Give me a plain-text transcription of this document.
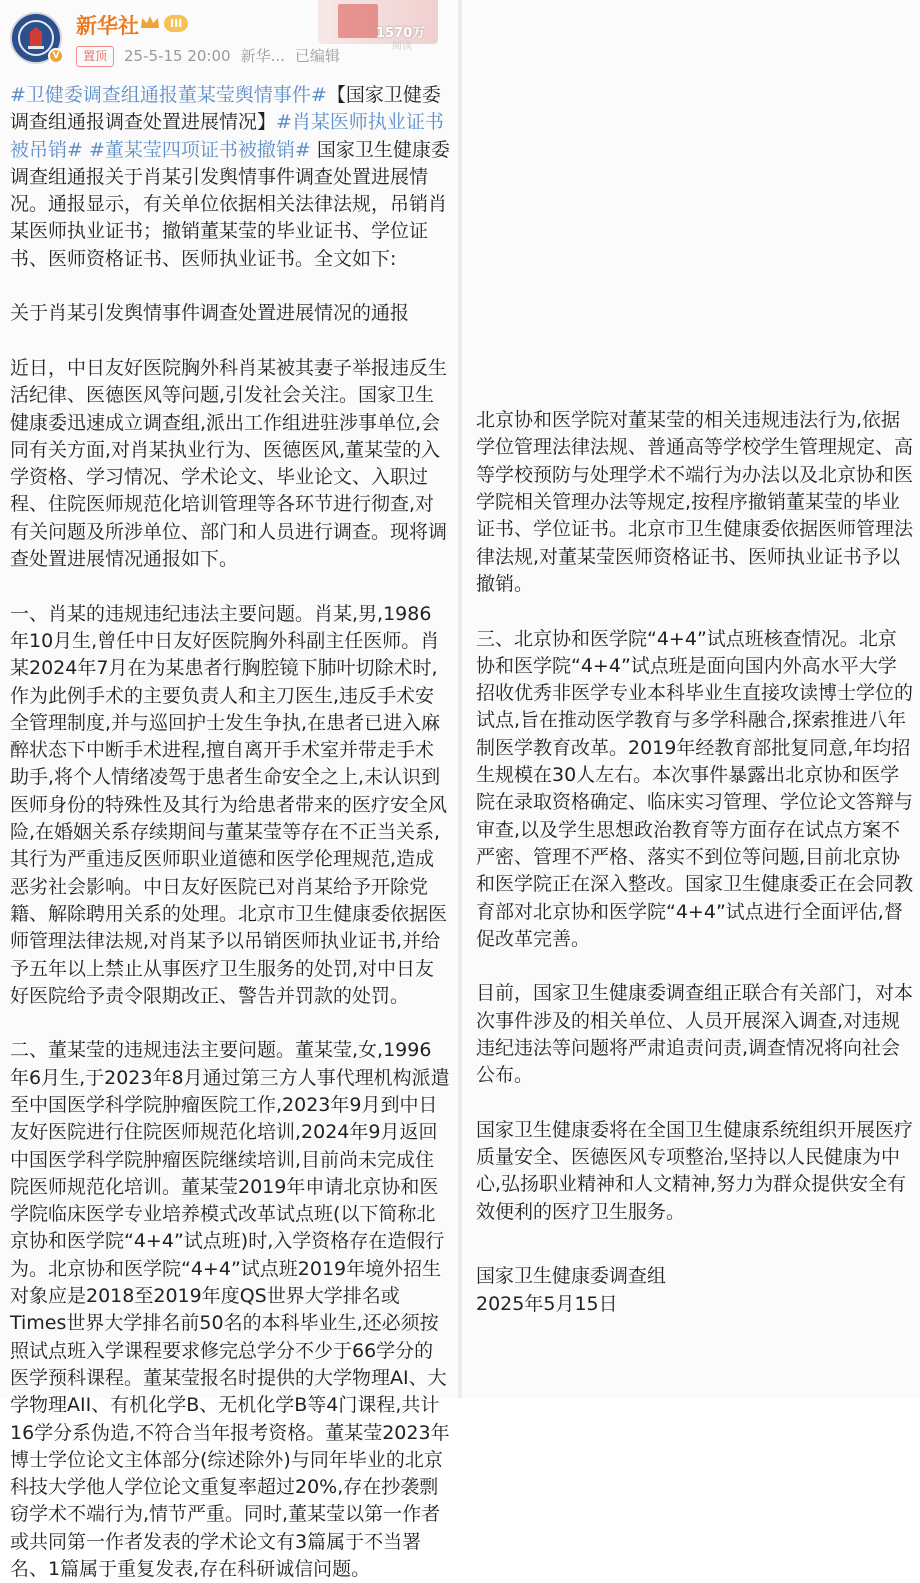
V
新华社	III
置顶 25-5-15 20:00 新华... 已编辑
1570万
阅读
#卫健委调查组通报董某莹舆情事件#【国家卫健委调查组通报调查处置进展情况】#肖某医师执业证书被吊销# #董某莹四项证书被撤销# 国家卫生健康委调查组通报关于肖某引发舆情事件调查处置进展情况。通报显示，有关单位依据相关法律法规，吊销肖某医师执业证书；撤销董某莹的毕业证书、学位证书、医师资格证书、医师执业证书。全文如下:
关于肖某引发舆情事件调查处置进展情况的通报
近日，中日友好医院胸外科肖某被其妻子举报违反生活纪律、医德医风等问题,引发社会关注。国家卫生健康委迅速成立调查组,派出工作组进驻涉事单位,会同有关方面,对肖某执业行为、医德医风,董某莹的入学资格、学习情况、学术论文、毕业论文、入职过程、住院医师规范化培训管理等各环节进行彻查,对有关问题及所涉单位、部门和人员进行调查。现将调查处置进展情况通报如下。
一、肖某的违规违纪违法主要问题。肖某,男,1986年10月生,曾任中日友好医院胸外科副主任医师。肖某2024年7月在为某患者行胸腔镜下肺叶切除术时,作为此例手术的主要负责人和主刀医生,违反手术安全管理制度,并与巡回护士发生争执,在患者已进入麻醉状态下中断手术进程,擅自离开手术室并带走手术助手,将个人情绪凌驾于患者生命安全之上,未认识到医师身份的特殊性及其行为给患者带来的医疗安全风险,在婚姻关系存续期间与董某莹等存在不正当关系,其行为严重违反医师职业道德和医学伦理规范,造成恶劣社会影响。中日友好医院已对肖某给予开除党籍、解除聘用关系的处理。北京市卫生健康委依据医师管理法律法规,对肖某予以吊销医师执业证书,并给予五年以上禁止从事医疗卫生服务的处罚,对中日友好医院给予责令限期改正、警告并罚款的处罚。
二、董某莹的违规违法主要问题。董某莹,女,1996年6月生,于2023年8月通过第三方人事代理机构派遣至中国医学科学院肿瘤医院工作,2023年9月到中日友好医院进行住院医师规范化培训,2024年9月返回中国医学科学院肿瘤医院继续培训,目前尚未完成住院医师规范化培训。董某莹2019年申请北京协和医学院临床医学专业培养模式改革试点班(以下简称北京协和医学院“4+4”试点班)时,入学资格存在造假行为。北京协和医学院“4+4”试点班2019年境外招生对象应是2018至2019年度QS世界大学排名或Times世界大学排名前50名的本科毕业生,还必须按照试点班入学课程要求修完总学分不少于66学分的医学预科课程。董某莹报名时提供的大学物理AI、大学物理AII、有机化学B、无机化学B等4门课程,共计16学分系伪造,不符合当年报考资格。董某莹2023年博士学位论文主体部分(综述除外)与同年毕业的北京科技大学他人学位论文重复率超过20%,存在抄袭剽窃学术不端行为,情节严重。同时,董某莹以第一作者或共同第一作者发表的学术论文有3篇属于不当署名、1篇属于重复发表,存在科研诚信问题。
北京协和医学院对董某莹的相关违规违法行为,依据学位管理法律法规、普通高等学校学生管理规定、高等学校预防与处理学术不端行为办法以及北京协和医学院相关管理办法等规定,按程序撤销董某莹的毕业证书、学位证书。北京市卫生健康委依据医师管理法律法规,对董某莹医师资格证书、医师执业证书予以撤销。
三、北京协和医学院“4+4”试点班核查情况。北京协和医学院“4+4”试点班是面向国内外高水平大学招收优秀非医学专业本科毕业生直接攻读博士学位的试点,旨在推动医学教育与多学科融合,探索推进八年制医学教育改革。2019年经教育部批复同意,年均招生规模在30人左右。本次事件暴露出北京协和医学院在录取资格确定、临床实习管理、学位论文答辩与审查,以及学生思想政治教育等方面存在试点方案不严密、管理不严格、落实不到位等问题,目前北京协和医学院正在深入整改。国家卫生健康委正在会同教育部对北京协和医学院“4+4”试点进行全面评估,督促改革完善。
目前，国家卫生健康委调查组正联合有关部门，对本次事件涉及的相关单位、人员开展深入调查,对违规违纪违法等问题将严肃追责问责,调查情况将向社会公布。
国家卫生健康委将在全国卫生健康系统组织开展医疗质量安全、医德医风专项整治,坚持以人民健康为中心,弘扬职业精神和人文精神,努力为群众提供安全有效便利的医疗卫生服务。
国家卫生健康委调查组
2025年5月15日
